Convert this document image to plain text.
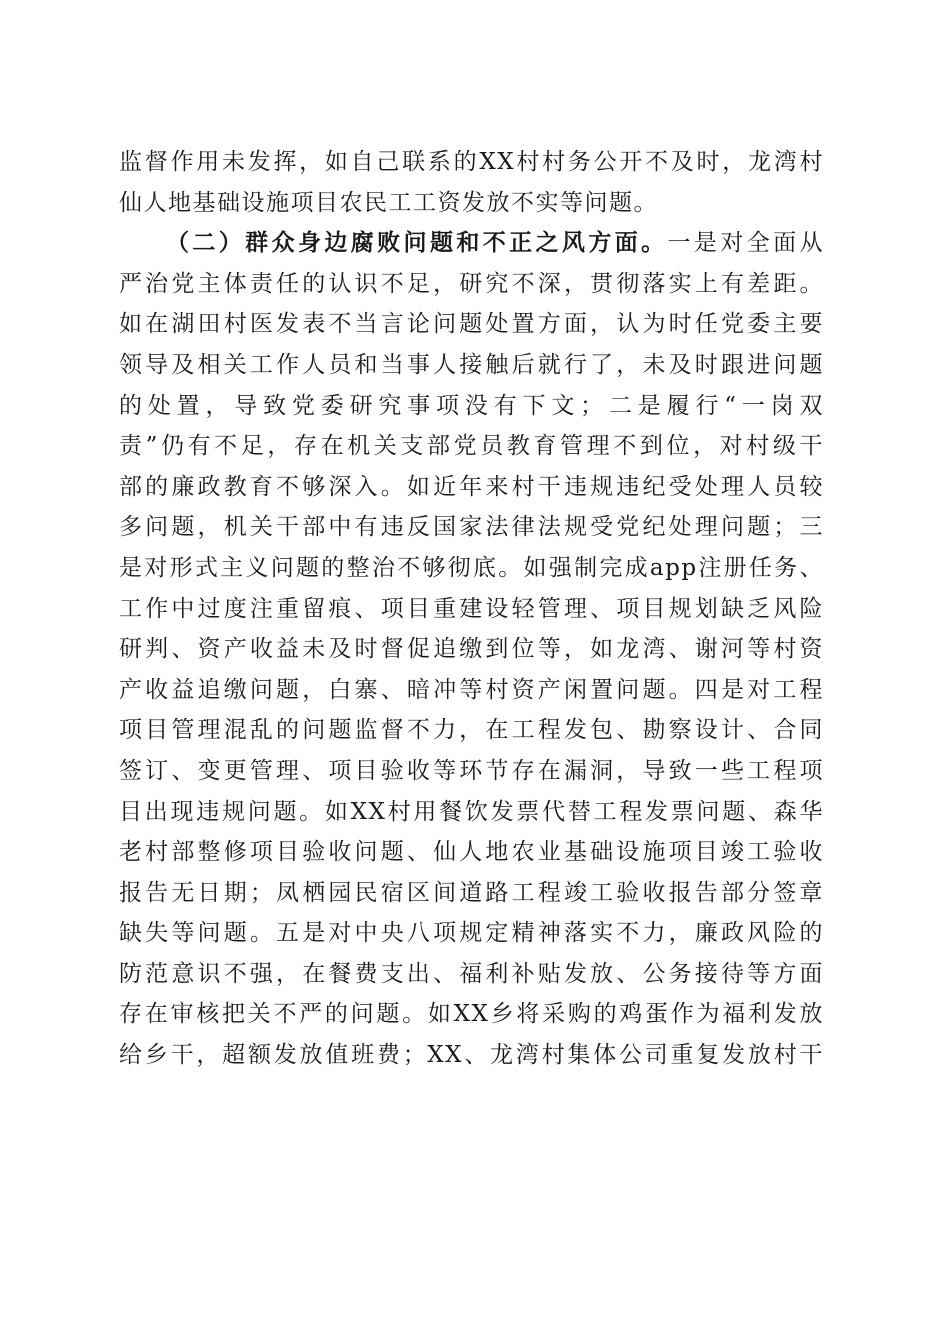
监督作用未发挥，如自己联系的XX村村务公开不及时，龙湾村
仙人地基础设施项目农民工工资发放不实等问题。
（二）群众身边腐败问题和不正之风方面。一是对全面从
严治党主体责任的认识不足，研究不深，贯彻落实上有差距。
如在湖田村医发表不当言论问题处置方面，认为时任党委主要
领导及相关工作人员和当事人接触后就行了，未及时跟进问题
的处置，导致党委研究事项没有下文；二是履行“一岗双
责”仍有不足，存在机关支部党员教育管理不到位，对村级干
部的廉政教育不够深入。如近年来村干违规违纪受处理人员较
多问题，机关干部中有违反国家法律法规受党纪处理问题；三
是对形式主义问题的整治不够彻底。如强制完成app注册任务、
工作中过度注重留痕、项目重建设轻管理、项目规划缺乏风险
研判、资产收益未及时督促追缴到位等，如龙湾、谢河等村资
产收益追缴问题，白寨、暗冲等村资产闲置问题。四是对工程
项目管理混乱的问题监督不力，在工程发包、勘察设计、合同
签订、变更管理、项目验收等环节存在漏洞，导致一些工程项
目出现违规问题。如XX村用餐饮发票代替工程发票问题、森华
老村部整修项目验收问题、仙人地农业基础设施项目竣工验收
报告无日期；凤栖园民宿区间道路工程竣工验收报告部分签章
缺失等问题。五是对中央八项规定精神落实不力，廉政风险的
防范意识不强，在餐费支出、福利补贴发放、公务接待等方面
存在审核把关不严的问题。如XX乡将采购的鸡蛋作为福利发放
给乡干，超额发放值班费；XX、龙湾村集体公司重复发放村干
